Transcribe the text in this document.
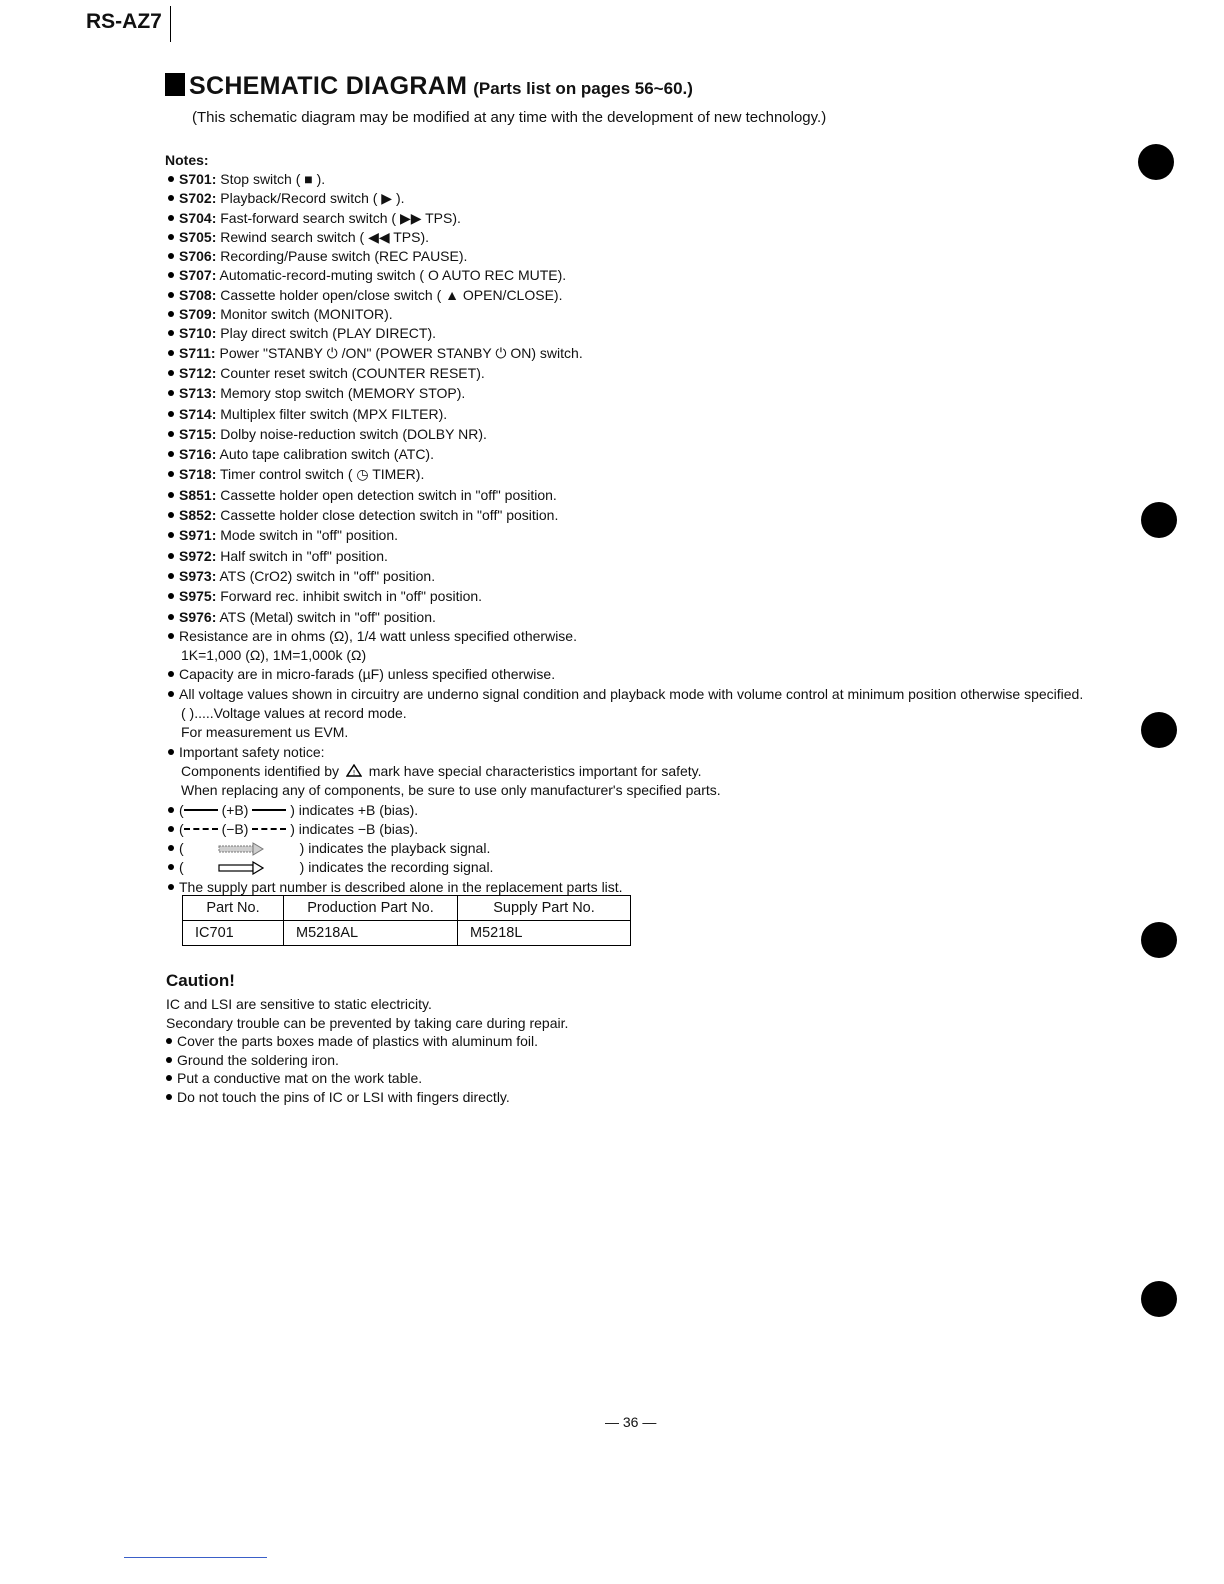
RS-AZ7
SCHEMATIC DIAGRAM (Parts list on pages 56~60.)
(This schematic diagram may be modified at any time with the development of new technology.)
Notes:
S701: Stop switch ( ■ ).
S702: Playback/Record switch ( ▶ ).
S704: Fast-forward search switch ( ▶▶ TPS).
S705: Rewind search switch ( ◀◀ TPS).
S706: Recording/Pause switch (REC PAUSE).
S707: Automatic-record-muting switch ( O AUTO REC MUTE).
S708: Cassette holder open/close switch ( ▲ OPEN/CLOSE).
S709: Monitor switch (MONITOR).
S710: Play direct switch (PLAY DIRECT).
S711: Power "STANBY ⏻ /ON" (POWER STANBY ⏻ ON) switch.
S712: Counter reset switch (COUNTER RESET).
S713: Memory stop switch (MEMORY STOP).
S714: Multiplex filter switch (MPX FILTER).
S715: Dolby noise-reduction switch (DOLBY NR).
S716: Auto tape calibration switch (ATC).
S718: Timer control switch ( ◷ TIMER).
S851: Cassette holder open detection switch in "off" position.
S852: Cassette holder close detection switch in "off" position.
S971: Mode switch in "off" position.
S972: Half switch in "off" position.
S973: ATS (CrO2) switch in "off" position.
S975: Forward rec. inhibit switch in "off" position.
S976: ATS (Metal) switch in "off" position.
Resistance are in ohms (Ω), 1/4 watt unless specified otherwise.
1K=1,000 (Ω), 1M=1,000k (Ω)
Capacity are in micro-farads (µF) unless specified otherwise.
All voltage values shown in circuitry are underno signal condition and playback mode with volume control at minimum position otherwise specified.
( ).....Voltage values at record mode.
For measurement us EVM.
Important safety notice:
Components identified by ! mark have special characteristics important for safety.
When replacing any of components, be sure to use only manufacturer's specified parts.
(	(+B)	) indicates +B (bias).
(	(−B)	) indicates −B (bias).
(	) indicates the playback signal.
(	) indicates the recording signal.
The supply part number is described alone in the replacement parts list.
Part No.	Production Part No.	Supply Part No.
IC701	M5218AL	M5218L
Caution!
IC and LSI are sensitive to static electricity.
Secondary trouble can be prevented by taking care during repair.
Cover the parts boxes made of plastics with aluminum foil.
Ground the soldering iron.
Put a conductive mat on the work table.
Do not touch the pins of IC or LSI with fingers directly.
— 36 —
